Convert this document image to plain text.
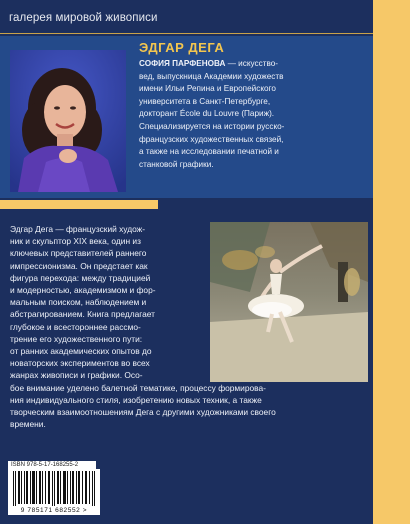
галерея мировой живописи
ЭДГАР ДЕГА
СОФИЯ ПАРФЕНОВА — искусство-
вед, выпускница Академии художеств
имени Ильи Репина и Европейского
университета в Санкт-Петербурге,
докторант École du Louvre (Париж).
Специализируется на истории русско-
французских художественных связей,
а также на исследовании печатной и
станковой графики.
Эдгар Дега — французский худож-
ник и скульптор XIX века, один из
ключевых представителей раннего
импрессионизма. Он предстает как
фигура перехода: между традицией
и модерностью, академизмом и фор-
мальным поиском, наблюдением и
абстрагированием. Книга предлагает
глубокое и всестороннее рассмо-
трение его художественного пути:
от ранних академических опытов до
новаторских экспериментов во всех
жанрах живописи и графики. Осо-
бое внимание уделено балетной тематике, процессу формирова-
ния индивидуального стиля, изобретению новых техник, а также
творческим взаимоотношениям Дега с другими художниками своего
времени.
ISBN 978-5-17-168255-2
9 785171 682552 >
